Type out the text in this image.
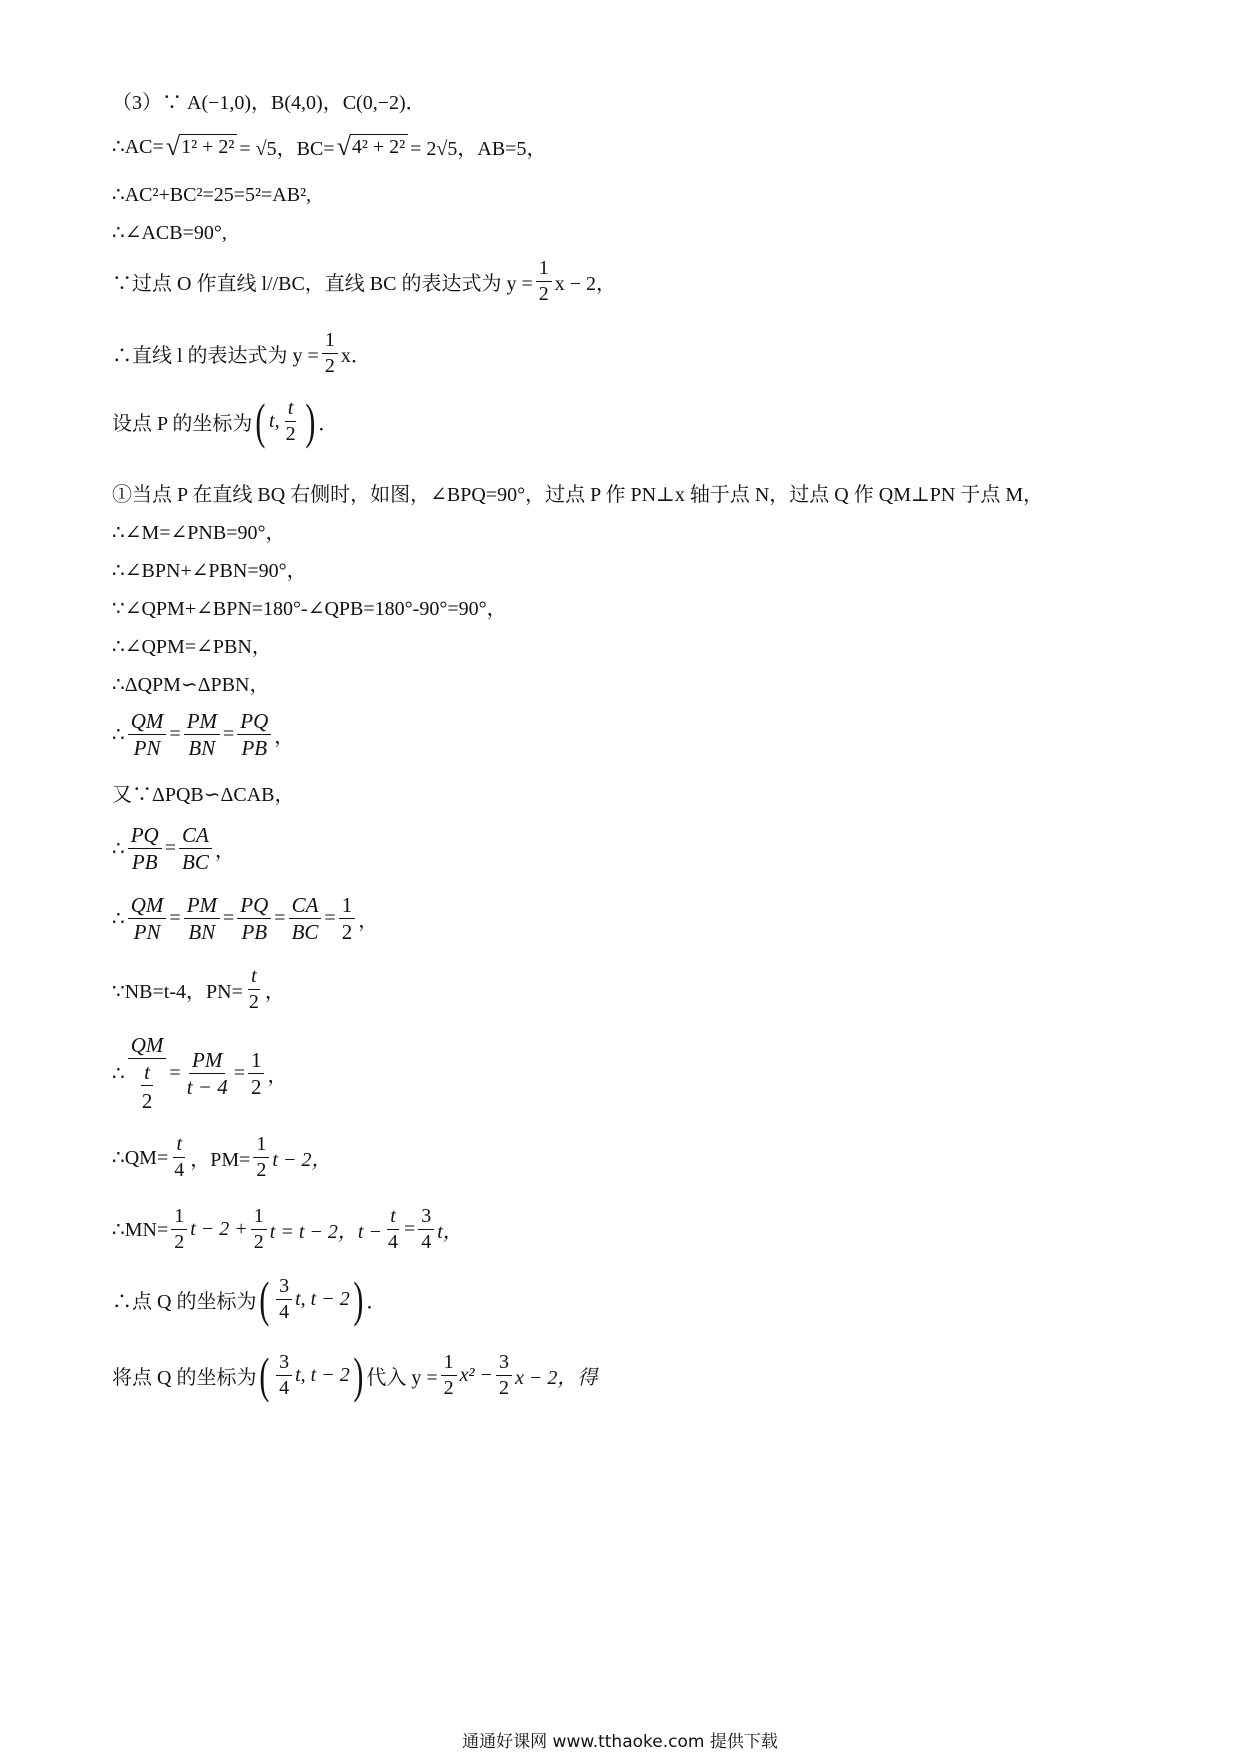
（3）∵ A(−1,0)，B(4,0)，C(0,−2)．
∴AC= √ 1² + 2² = √5，BC= √ 4² + 2² = 2√5，AB=5，
∴AC²+BC²=25=5²=AB²,
∴∠ACB=90°,
∵过点 O 作直线 l//BC，直线 BC 的表达式为 $y = \frac{1}{2}$ x − 2，
∴直线 l 的表达式为 $y = \frac{1}{2}$ x．
设点 P 的坐标为 ( t, $\frac{t}{2}$ ) ．
①当点 P 在直线 BQ 右侧时，如图，∠BPQ=90°，过点 P 作 PN⊥x 轴于点 N，过点 Q 作 QM⊥PN 于点 M，
∴∠M=∠PNB=90°，
∴∠BPN+∠PBN=90°，
∵∠QPM+∠BPN=180°-∠QPB=180°-90°=90°，
∴∠QPM=∠PBN，
∴ΔQPM∽ΔPBN，
∴ $\frac{QM}{PN} = \frac{PM}{BN} = \frac{PQ}{PB}$ ，
又∵ΔPQB∽ΔCAB，
∴ $\frac{PQ}{PB} = \frac{CA}{BC}$ ，
∴ $\frac{QM}{PN} = \frac{PM}{BN} = \frac{PQ}{PB} = \frac{CA}{BC} = \frac{1}{2}$ ，
∵NB=t-4，$PN= \frac{t}{2}$ ，
∴ $\frac{QM}{\frac{t}{2}} = \frac{PM}{t - 4} = \frac{1}{2}$ ，
∴QM= $\frac{t}{4}$ ，$PM= \frac{1}{2}$ t − 2，
∴MN= $\frac{1}{2}$ $t - 2 + \frac{1}{2}$ t = t − 2，$t - \frac{t}{4} = \frac{3}{4}$ t，
∴点 Q 的坐标为 ( $\frac{3}{4} t$, t − 2 ) ．
将点 Q 的坐标为 ( $\frac{3}{4} t$, t − 2 ) 代入 $y = \frac{1}{2} x^2 - \frac{3}{2}$ x − 2，得
通通好课网 www.tthaoke.com 提供下载
